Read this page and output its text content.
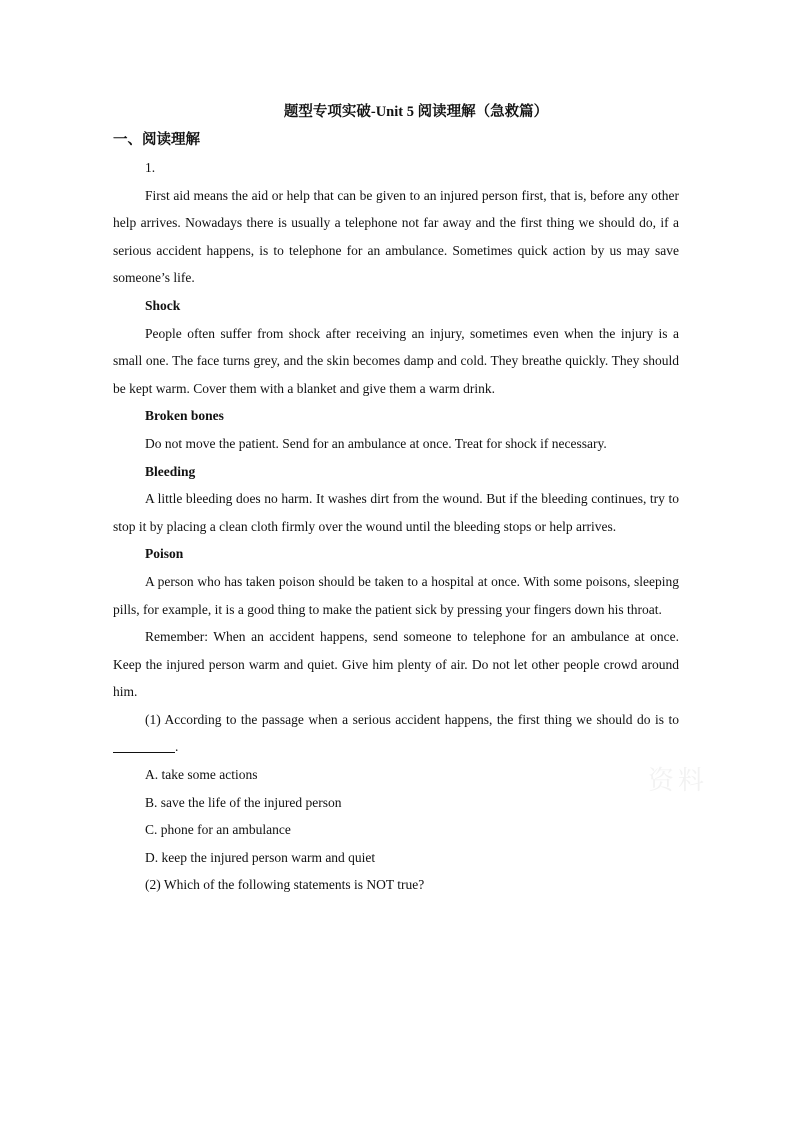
资料
题型专项实破-Unit 5 阅读理解（急救篇）
一、阅读理解

1.

First aid means the aid or help that can be given to an injured person first, that is, before any other help arrives. Nowadays there is usually a telephone not far away and the first thing we should do, if a serious accident happens, is to telephone for an ambulance. Sometimes quick action by us may save someone’s life.

Shock

People often suffer from shock after receiving an injury, sometimes even when the injury is a small one. The face turns grey, and the skin becomes damp and cold. They breathe quickly. They should be kept warm. Cover them with a blanket and give them a warm drink.

Broken bones

Do not move the patient. Send for an ambulance at once. Treat for shock if necessary.

Bleeding

A little bleeding does no harm. It washes dirt from the wound. But if the bleeding continues, try to stop it by placing a clean cloth firmly over the wound until the bleeding stops or help arrives.

Poison

A person who has taken poison should be taken to a hospital at once. With some poisons, sleeping pills, for example, it is a good thing to make the patient sick by pressing your fingers down his throat.

Remember: When an accident happens, send someone to telephone for an ambulance at once. Keep the injured person warm and quiet. Give him plenty of air. Do not let other people crowd around him.

(1) According to the passage when a serious accident happens, the first thing we should do is to .

A. take some actions
B. save the life of the injured person
C. phone for an ambulance
D. keep the injured person warm and quiet
(2) Which of the following statements is NOT true?
